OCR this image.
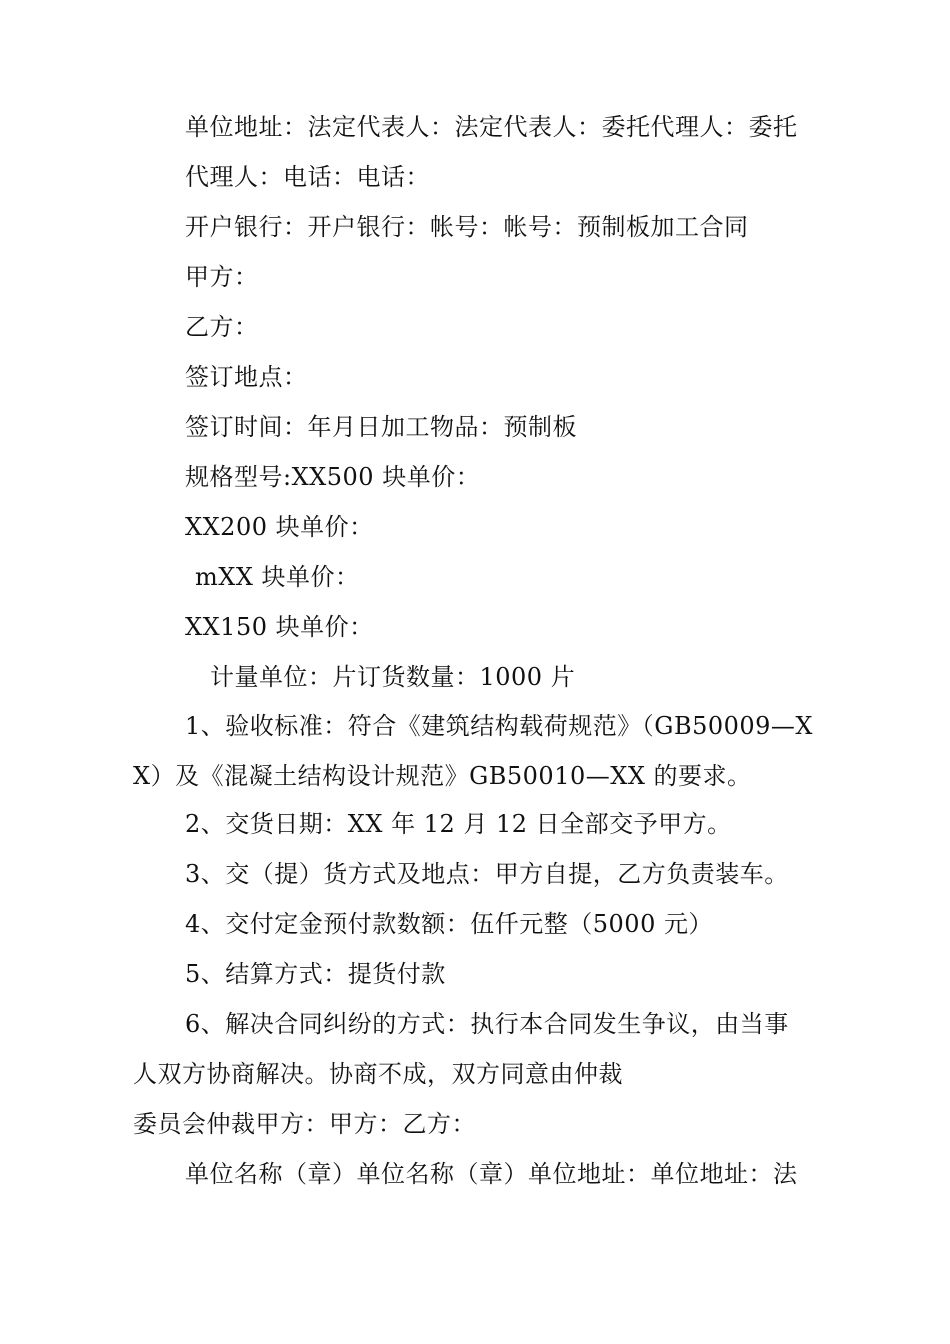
单位地址：法定代表人：法定代表人：委托代理人：委托
代理人：电话：电话：
开户银行：开户银行：帐号：帐号：预制板加工合同
甲方：
乙方：
签订地点：
签订时间：年月日加工物品：预制板
规格型号:XX500 块单价：
XX200 块单价：
mXX 块单价：
XX150 块单价：
计量单位：片订货数量：1000 片
1、验收标准：符合《建筑结构载荷规范》（GB50009—X
X）及《混凝土结构设计规范》GB50010—XX 的要求。
2、交货日期：XX 年 12 月 12 日全部交予甲方。
3、交（提）货方式及地点：甲方自提，乙方负责装车。
4、交付定金预付款数额：伍仟元整（5000 元）
5、结算方式：提货付款
6、解决合同纠纷的方式：执行本合同发生争议，由当事
人双方协商解决。协商不成，双方同意由仲裁
委员会仲裁甲方：甲方：乙方：
单位名称（章）单位名称（章）单位地址：单位地址：法
